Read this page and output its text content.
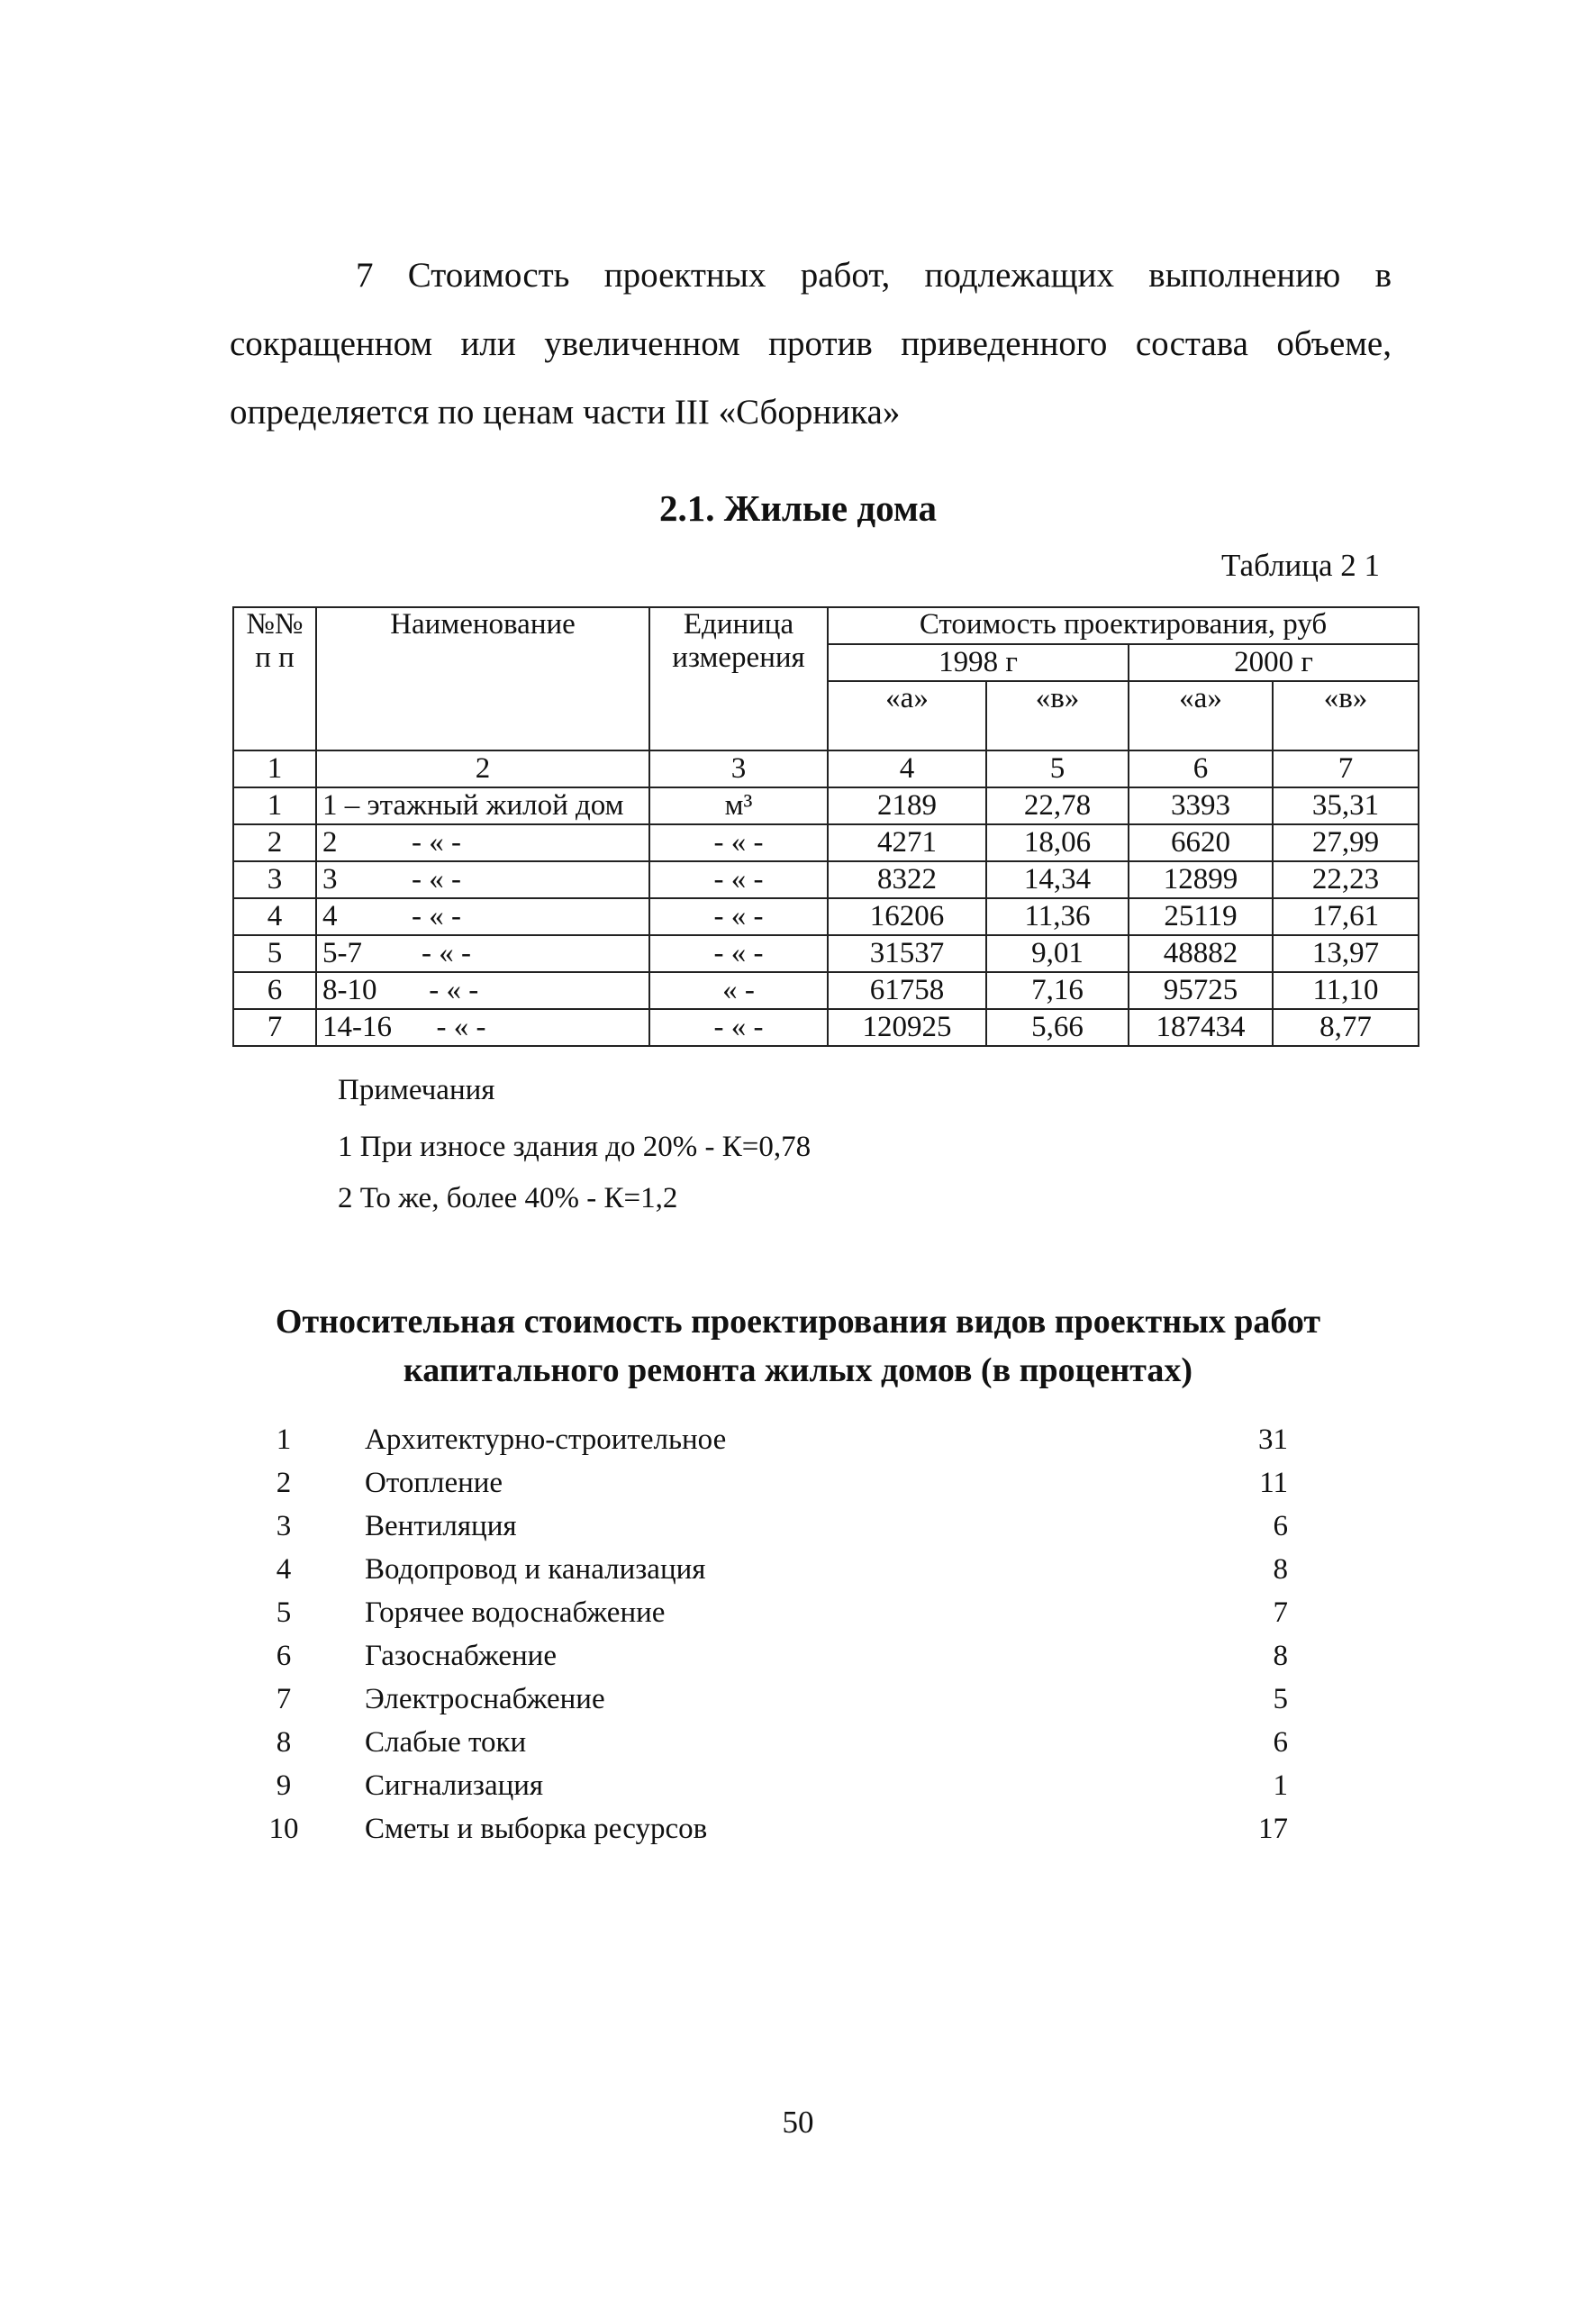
7 Стоимость проектных работ, подлежащих выполнению в сокращенном или увеличенном против приведенного состава объеме, определяется по ценам части III «Сборника»
2.1. Жилые дома
Таблица 2 1
№№ п п	Наименование	Единица измерения	Стоимость проектирования, руб			
			1998 г		2000 г	
			«а»	«в»	«а»	«в»
1	2	3	4	5	6	7
1	1 – этажный жилой дом	м³	2189	22,78	3393	35,31
2	2          - « -	- « -	4271	18,06	6620	27,99
3	3          - « -	- « -	8322	14,34	12899	22,23
4	4          - « -	- « -	16206	11,36	25119	17,61
5	5-7        - « -	- « -	31537	9,01	48882	13,97
6	8-10       - « -	« -	61758	7,16	95725	11,10
7	14-16      - « -	- « -	120925	5,66	187434	8,77
Примечания
1 При износе здания до 20% - К=0,78
2 То же, более 40% - К=1,2
Относительная стоимость проектирования видов проектных работ
капитального ремонта жилых домов (в процентах)
1	Архитектурно-строительное	31
2	Отопление	11
3	Вентиляция	6
4	Водопровод и канализация	8
5	Горячее водоснабжение	7
6	Газоснабжение	8
7	Электроснабжение	5
8	Слабые токи	6
9	Сигнализация	1
10 Сметы и выборка ресурсов	17
50
